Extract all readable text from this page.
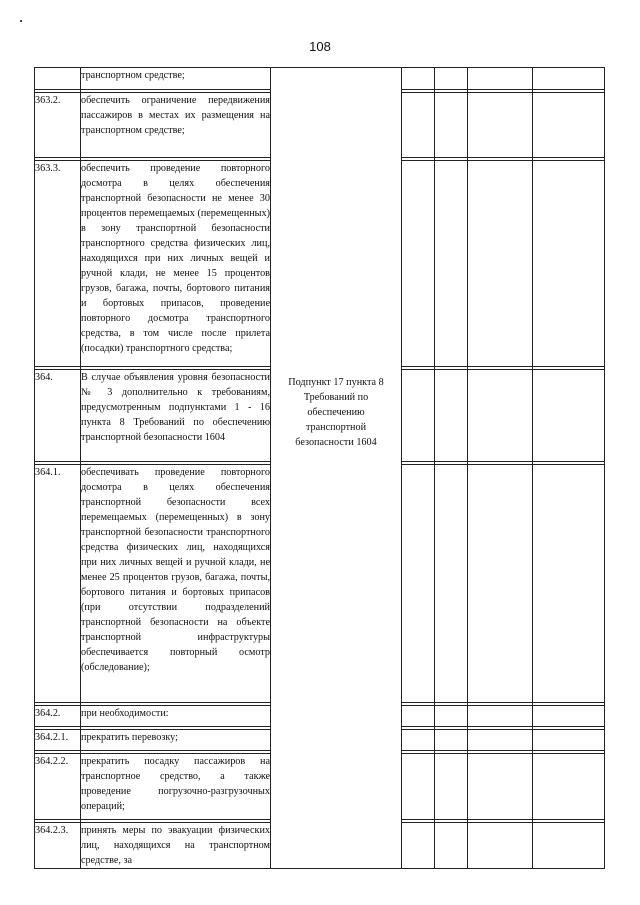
108
	транспортном средстве;	Подпункт 17 пункта 8 Требований по обеспечению транспортной безопасности 1604				

363.2.	обеспечить ограничение передвижения пассажиров в местах их размещения на транспортном средстве;					

363.3.	обеспечить проведение повторного досмотра в целях обеспечения транспортной безопасности не менее 30 процентов перемещаемых (перемещенных) в зону транспортной безопасности транспортного средства физических лиц, находящихся при них личных вещей и ручной клади, не менее 15 процентов грузов, багажа, почты, бортового питания и бортовых припасов, проведение повторного досмотра транспортного средства, в том числе после прилета (посадки) транспортного средства;					

364.	В случае объявления уровня безопасности № 3 дополнительно к требованиям, предусмотренным подпунктами 1 - 16 пункта 8 Требований по обеспечению транспортной безопасности 1604					

364.1.	обеспечивать проведение повторного досмотра в целях обеспечения транспортной безопасности всех перемещаемых (перемещенных) в зону транспортной безопасности транспортного средства физических лиц, находящихся при них личных вещей и ручной клади, не менее 25 процентов грузов, багажа, почты, бортового питания и бортовых припасов (при отсутствии подразделений транспортной безопасности на объекте транспортной инфраструктуры обеспечивается повторный осмотр (обследование);					

364.2.	при необходимости:					

364.2.1.	прекратить перевозку;					

364.2.2.	прекратить посадку пассажиров на транспортное средство, а также проведение погрузочно-разгрузочных операций;					

364.2.3.	принять меры по эвакуации физических лиц, находящихся на транспортном средстве, за					
